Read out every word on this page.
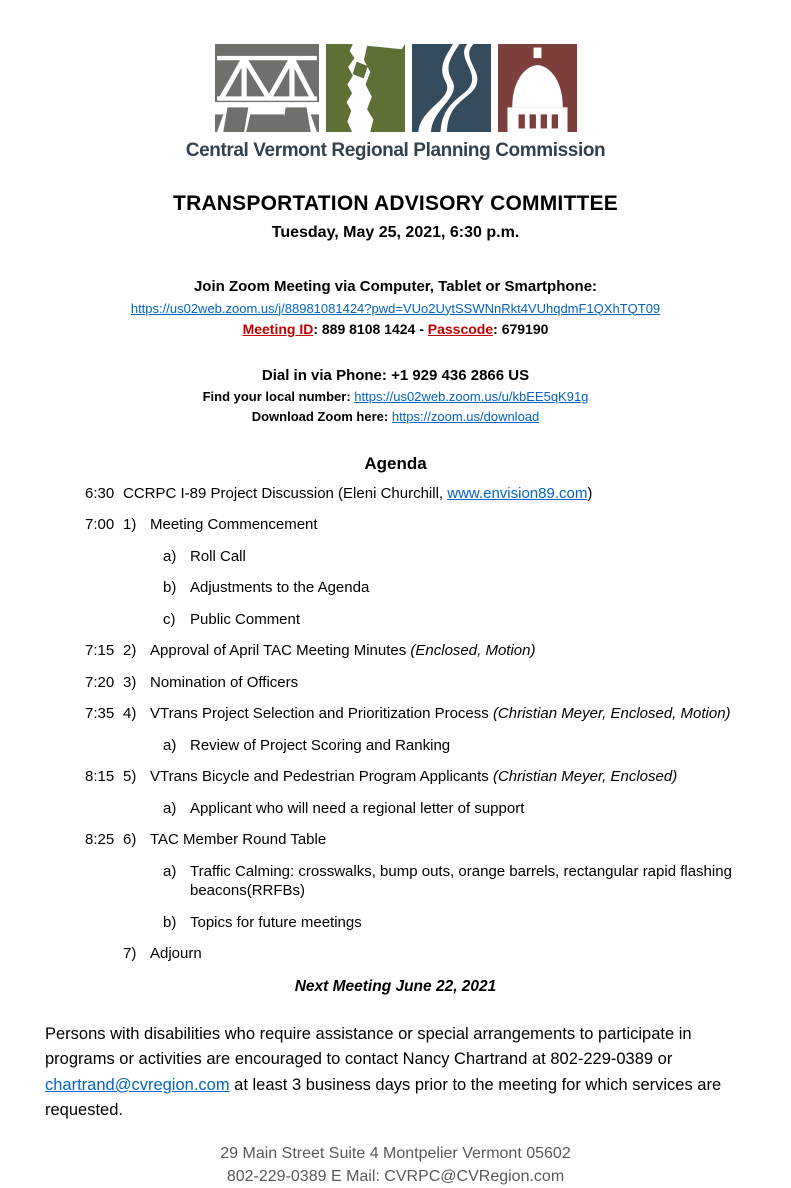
Central Vermont Regional Planning Commission
TRANSPORTATION ADVISORY COMMITTEE
Tuesday, May 25, 2021, 6:30 p.m.
Join Zoom Meeting via Computer, Tablet or Smartphone:
https://us02web.zoom.us/j/88981081424?pwd=VUo2UytSSWNnRkt4VUhqdmF1QXhTQT09
Meeting ID: 889 8108 1424 - Passcode: 679190
Dial in via Phone: +1 929 436 2866 US
Find your local number: https://us02web.zoom.us/u/kbEE5qK91g
Download Zoom here: https://zoom.us/download
Agenda
6:30 CCRPC I-89 Project Discussion (Eleni Churchill, www.envision89.com)
7:00 1) Meeting Commencement
a) Roll Call
b) Adjustments to the Agenda
c) Public Comment
7:15 2) Approval of April TAC Meeting Minutes (Enclosed, Motion)
7:20 3) Nomination of Officers
7:35 4) VTrans Project Selection and Prioritization Process (Christian Meyer, Enclosed, Motion)
a) Review of Project Scoring and Ranking
8:15 5) VTrans Bicycle and Pedestrian Program Applicants (Christian Meyer, Enclosed)
a) Applicant who will need a regional letter of support
8:25 6) TAC Member Round Table
a) Traffic Calming: crosswalks, bump outs, orange barrels, rectangular rapid flashing beacons(RRFBs)
b) Topics for future meetings
7) Adjourn
Next Meeting June 22, 2021

Persons with disabilities who require assistance or special arrangements to participate in programs or activities are encouraged to contact Nancy Chartrand at 802-229-0389 or chartrand@cvregion.com at least 3 business days prior to the meeting for which services are requested.

29 Main Street Suite 4 Montpelier Vermont 05602
802-229-0389 E Mail: CVRPC@CVRegion.com
